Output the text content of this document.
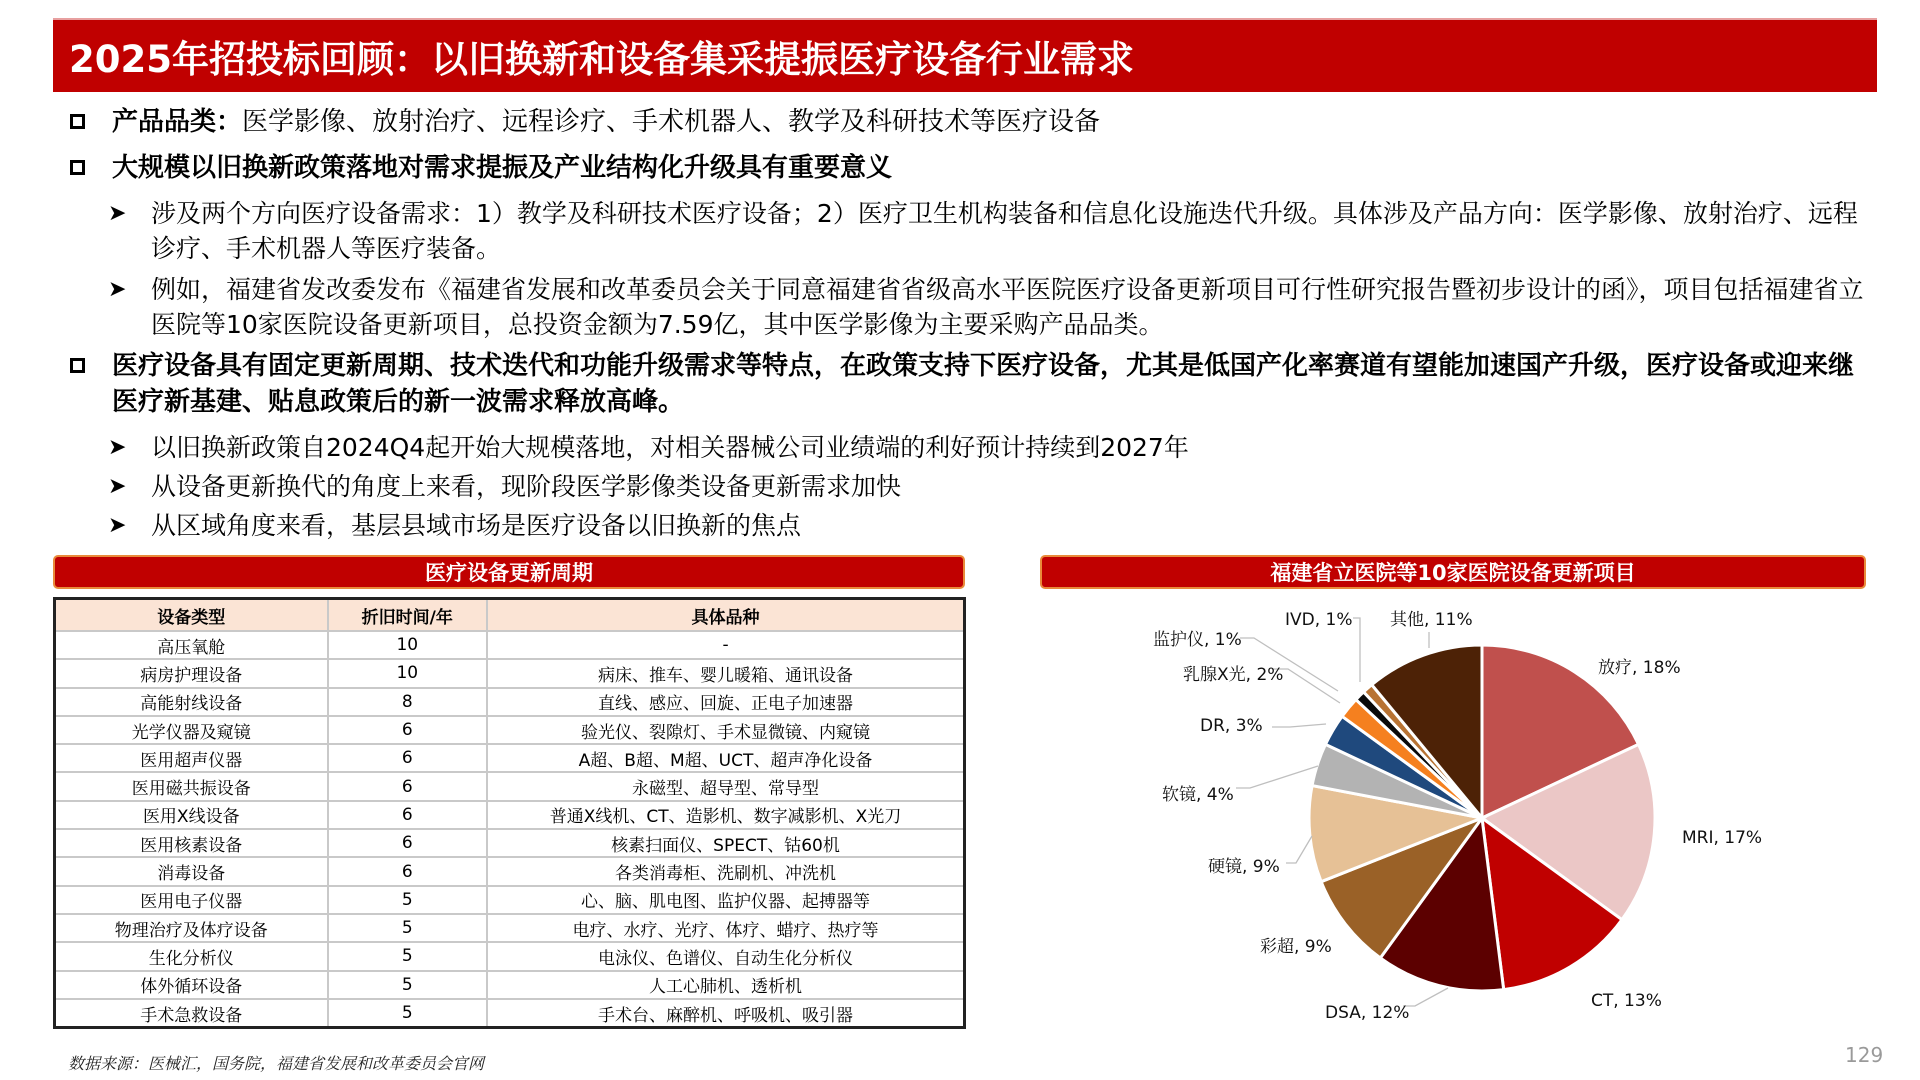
2025年招投标回顾：以旧换新和设备集采提振医疗设备行业需求
产品品类：医学影像、放射治疗、远程诊疗、手术机器人、教学及科研技术等医疗设备
大规模以旧换新政策落地对需求提振及产业结构化升级具有重要意义
➤ 涉及两个方向医疗设备需求：1）教学及科研技术医疗设备；2）医疗卫生机构装备和信息化设施迭代升级。具体涉及产品方向：医学影像、放射治疗、远程诊疗、手术机器人等医疗装备。
➤ 例如，福建省发改委发布《福建省发展和改革委员会关于同意福建省省级高水平医院医疗设备更新项目可行性研究报告暨初步设计的函》，项目包括福建省立医院等10家医院设备更新项目，总投资金额为7.59亿，其中医学影像为主要采购产品品类。
医疗设备具有固定更新周期、技术迭代和功能升级需求等特点，在政策支持下医疗设备，尤其是低国产化率赛道有望能加速国产升级，医疗设备或迎来继医疗新基建、贴息政策后的新一波需求释放高峰。
➤ 以旧换新政策自2024Q4起开始大规模落地，对相关器械公司业绩端的利好预计持续到2027年
➤ 从设备更新换代的角度上来看，现阶段医学影像类设备更新需求加快
➤ 从区域角度来看，基层县域市场是医疗设备以旧换新的焦点
医疗设备更新周期
设备类型	折旧时间/年	具体品种
高压氧舱	10	-
病房护理设备	10	病床、推车、婴儿暖箱、通讯设备
高能射线设备	8	直线、感应、回旋、正电子加速器
光学仪器及窥镜	6	验光仪、裂隙灯、手术显微镜、内窥镜
医用超声仪器	6	A超、B超、M超、UCT、超声净化设备
医用磁共振设备	6	永磁型、超导型、常导型
医用X线设备	6	普通X线机、CT、造影机、数字减影机、X光刀
医用核素设备	6	核素扫面仪、SPECT、钴60机
消毒设备	6	各类消毒柜、洗刷机、冲洗机
医用电子仪器	5	心、脑、肌电图、监护仪器、起搏器等
物理治疗及体疗设备	5	电疗、水疗、光疗、体疗、蜡疗、热疗等
生化分析仪	5	电泳仪、色谱仪、自动生化分析仪
体外循环设备	5	人工心肺机、透析机
手术急救设备	5	手术台、麻醉机、呼吸机、吸引器
福建省立医院等10家医院设备更新项目
放疗, 18%
MRI, 17%
CT, 13%
DSA, 12%
彩超, 9%
硬镜, 9%
软镜, 4%
DR, 3%
乳腺X光, 2%
监护仪, 1%
IVD, 1% 其他, 11%
数据来源：医械汇，国务院，福建省发展和改革委员会官网	129
